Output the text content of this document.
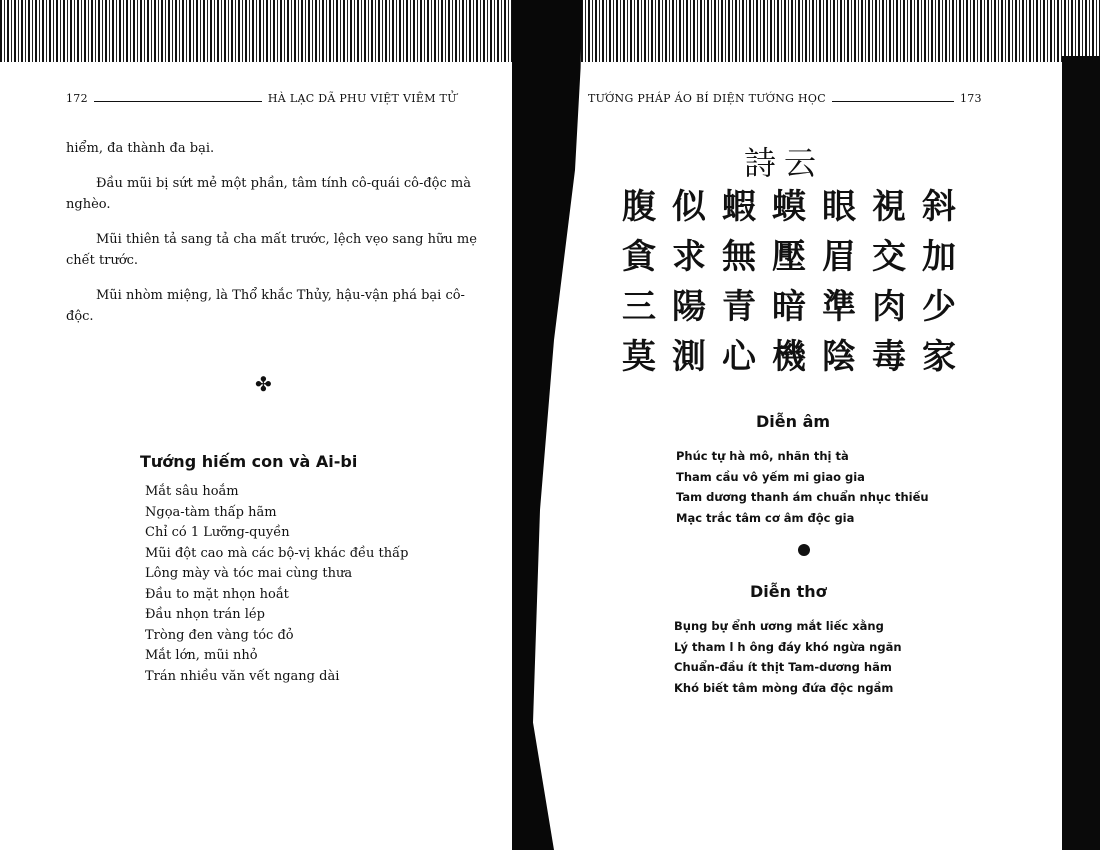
172	HÀ LẠC DÃ PHU VIỆT VIÊM TỬ

hiểm, đa thành đa bại.

Đầu mũi bị sứt mẻ một phần, tâm tính cô-quái cô-độc mà nghèo.

Mũi thiên tả sang tả cha mất trước, lệch vẹo sang hữu mẹ chết trước.

Mũi nhòm miệng, là Thổ khắc Thủy, hậu-vận phá bại cô-độc.

✤
Tướng hiếm con và Ai-bi
Mắt sâu hoắm
Ngọa-tàm thấp hãm
Chỉ có 1 Lưỡng-quyền
Mũi đột cao mà các bộ-vị khác đều thấp
Lông mày và tóc mai cùng thưa
Đầu to mặt nhọn hoắt
Đầu nhọn trán lép
Tròng đen vàng tóc đỏ
Mắt lớn, mũi nhỏ
Trán nhiều văn vết ngang dài
TƯỚNG PHÁP ÁO BÍ DIỆN TƯỚNG HỌC	173
詩云
腹 似 蝦 蟆 眼 視 斜
貪 求 無 壓 眉 交 加
三 陽 青 暗 準 肉 少
莫 測 心 機 陰 毒 家
Diễn âm
Phúc tự hà mô, nhãn thị tà
Tham cầu vô yếm mi giao gia
Tam dương thanh ám chuẩn nhục thiếu
Mạc trắc tâm cơ âm độc gia
Diễn thơ
Bụng bự ểnh ương mắt liếc xằng
Lý tham l h ông đáy khó ngừa ngăn
Chuẩn-đầu ít thịt Tam-dương hãm
Khó biết tâm mòng đứa độc ngầm
